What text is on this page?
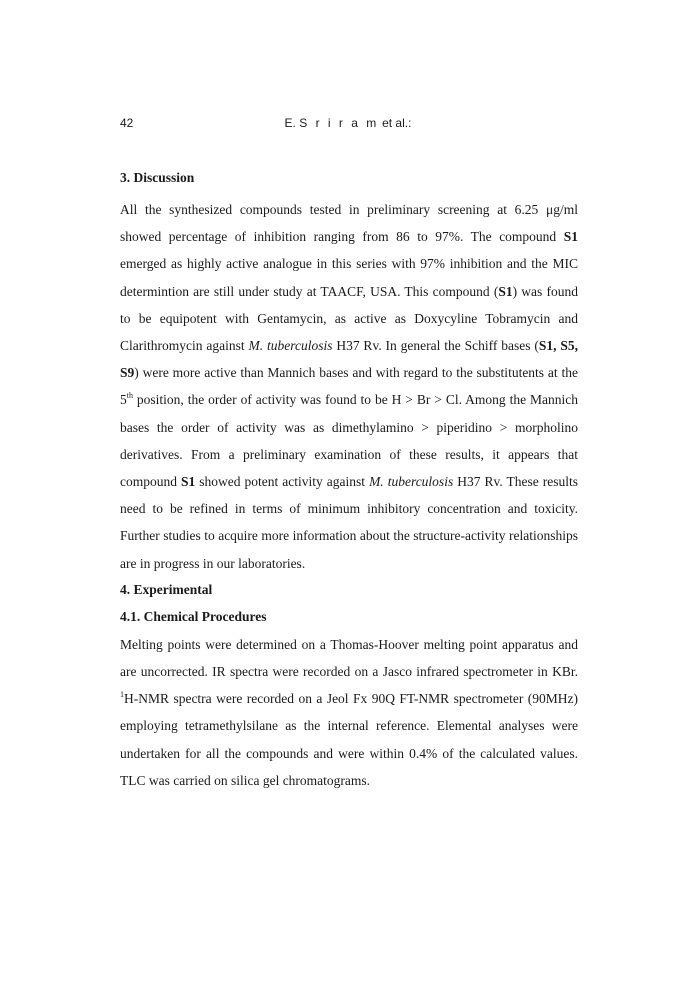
42	E. S r i r a m et al.:
3. Discussion

All the synthesized compounds tested in preliminary screening at 6.25 μg/ml showed percentage of inhibition ranging from 86 to 97%. The compound S1 emerged as highly active analogue in this series with 97% inhibition and the MIC determintion are still under study at TAACF, USA. This compound (S1) was found to be equipotent with Gentamycin, as active as Doxycyline Tobramycin and Clarithromycin against M. tuberculosis H37 Rv. In general the Schiff bases (S1, S5, S9) were more active than Mannich bases and with regard to the substitutents at the 5th position, the order of activity was found to be H > Br > Cl. Among the Mannich bases the order of activity was as dimethylamino > piperidino > morpholino derivatives. From a preliminary examination of these results, it appears that compound S1 showed potent activity against M. tuberculosis H37 Rv. These results need to be refined in terms of minimum inhibitory concentration and toxicity. Further studies to acquire more information about the structure-activity relationships are in progress in our laboratories.

4. Experimental
4.1. Chemical Procedures

Melting points were determined on a Thomas-Hoover melting point apparatus and are uncorrected. IR spectra were recorded on a Jasco infrared spectrometer in KBr. $^1$H-NMR spectra were recorded on a Jeol Fx 90Q FT-NMR spectrometer (90MHz) employing tetramethylsilane as the internal reference. Elemental analyses were undertaken for all the compounds and were within 0.4% of the calculated values. TLC was carried on silica gel chromatograms.
